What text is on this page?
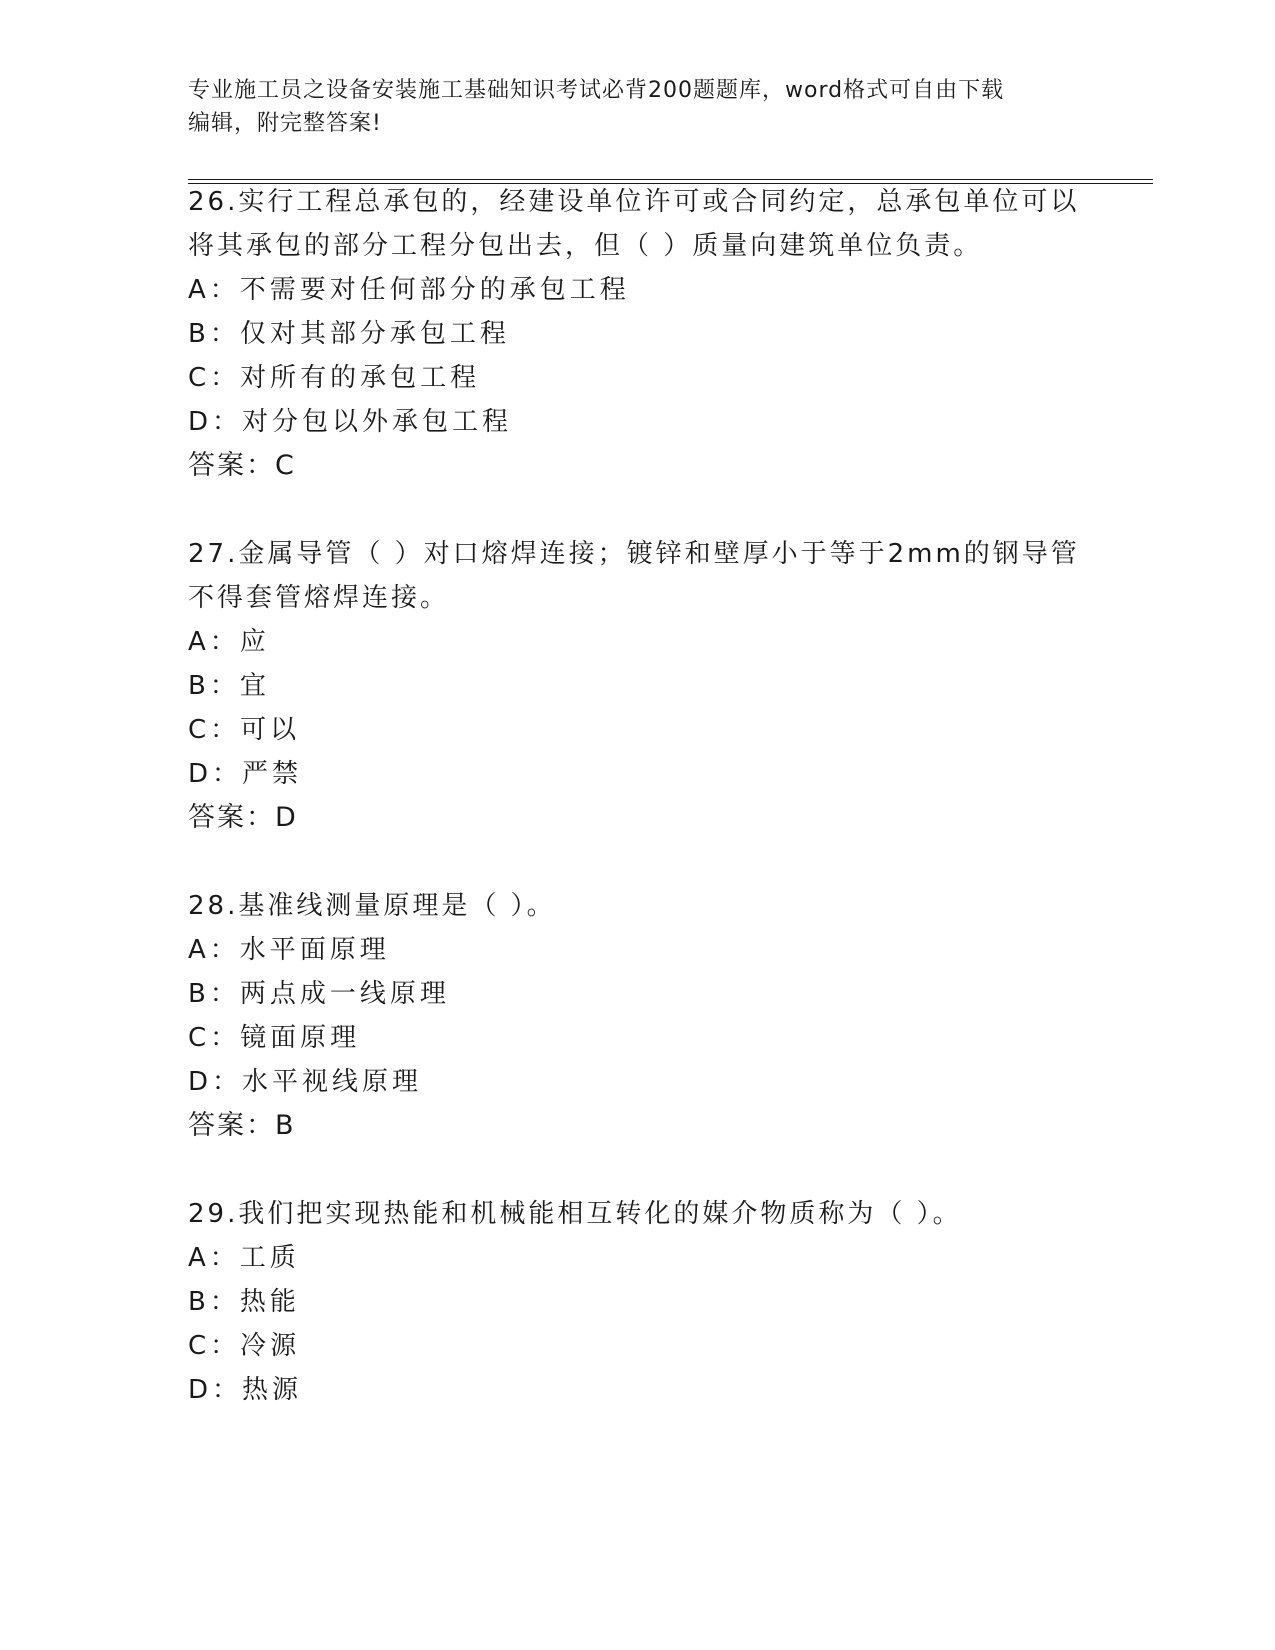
专业施工员之设备安装施工基础知识考试必背200题题库，word格式可自由下载
编辑，附完整答案!
26.实行工程总承包的，经建设单位许可或合同约定，总承包单位可以
将其承包的部分工程分包出去，但（ ）质量向建筑单位负责。
A：不需要对任何部分的承包工程
B：仅对其部分承包工程
C：对所有的承包工程
D：对分包以外承包工程
答案：C
27.金属导管（ ）对口熔焊连接；镀锌和壁厚小于等于2mm的钢导管
不得套管熔焊连接。
A：应
B：宜
C：可以
D：严禁
答案：D
28.基准线测量原理是（ ）。
A：水平面原理
B：两点成一线原理
C：镜面原理
D：水平视线原理
答案：B
29.我们把实现热能和机械能相互转化的媒介物质称为（ ）。
A：工质
B：热能
C：冷源
D：热源
